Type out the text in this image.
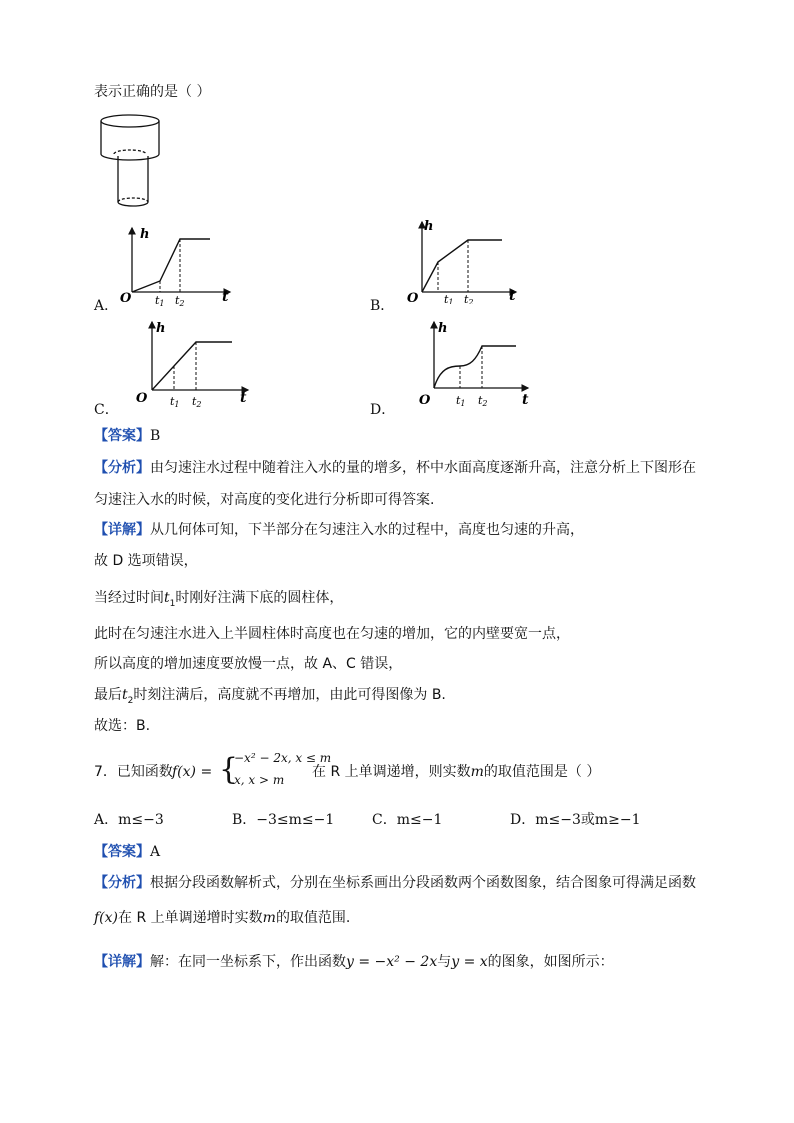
表示正确的是（ ）
A．
h
O	t
t1 t2	B．
h
O	t
t1 t2
C．
h
O	t
t1 t2	D．
h
O	t
t1 t2
【答案】B
【分析】由匀速注水过程中随着注入水的量的增多，杯中水面高度逐渐升高，注意分析上下图形在
匀速注入水的时候，对高度的变化进行分析即可得答案.
【详解】从几何体可知，下半部分在匀速注入水的过程中，高度也匀速的升高，
故 D 选项错误，
当经过时间$t_1$时刚好注满下底的圆柱体，
此时在匀速注水进入上半圆柱体时高度也在匀速的增加，它的内壁要宽一点，
所以高度的增加速度要放慢一点，故 A、C 错误，
最后$t_2$时刻注满后，高度就不再增加，由此可得图像为 B.
故选：B.
7．已知函数 f(x) = {
−x² − 2x, x ≤ m
x, x > m 在 R 上单调递增，则实数m的取值范围是（ ）
A．m≤−3	B．−3≤m≤−1	C．m≤−1	D．m≤−3或m≥−1
【答案】A
【分析】根据分段函数解析式，分别在坐标系画出分段函数两个函数图象，结合图象可得满足函数
f(x)在 R 上单调递增时实数m的取值范围.
【详解】解：在同一坐标系下，作出函数y = −x² − 2x与y = x的图象，如图所示：
